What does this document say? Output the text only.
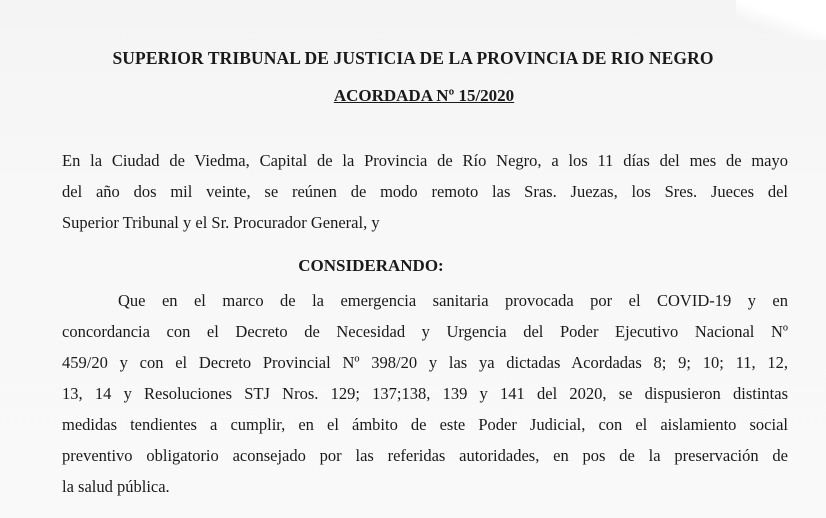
SUPERIOR TRIBUNAL DE JUSTICIA DE LA PROVINCIA DE RIO NEGRO
ACORDADA Nº 15/2020

En la Ciudad de Viedma, Capital de la Provincia de Río Negro, a los 11 días del mes de mayo
del año dos mil veinte, se reúnen de modo remoto las Sras. Juezas, los Sres. Jueces del
Superior Tribunal y el Sr. Procurador General, y

CONSIDERANDO:

Que en el marco de la emergencia sanitaria provocada por el COVID-19 y en
concordancia con el Decreto de Necesidad y Urgencia del Poder Ejecutivo Nacional Nº
459/20 y con el Decreto Provincial Nº 398/20 y las ya dictadas Acordadas 8; 9; 10; 11, 12,
13, 14 y Resoluciones STJ Nros. 129; 137;138, 139 y 141 del 2020, se dispusieron distintas
medidas tendientes a cumplir, en el ámbito de este Poder Judicial, con el aislamiento social
preventivo obligatorio aconsejado por las referidas autoridades, en pos de la preservación de
la salud pública.
